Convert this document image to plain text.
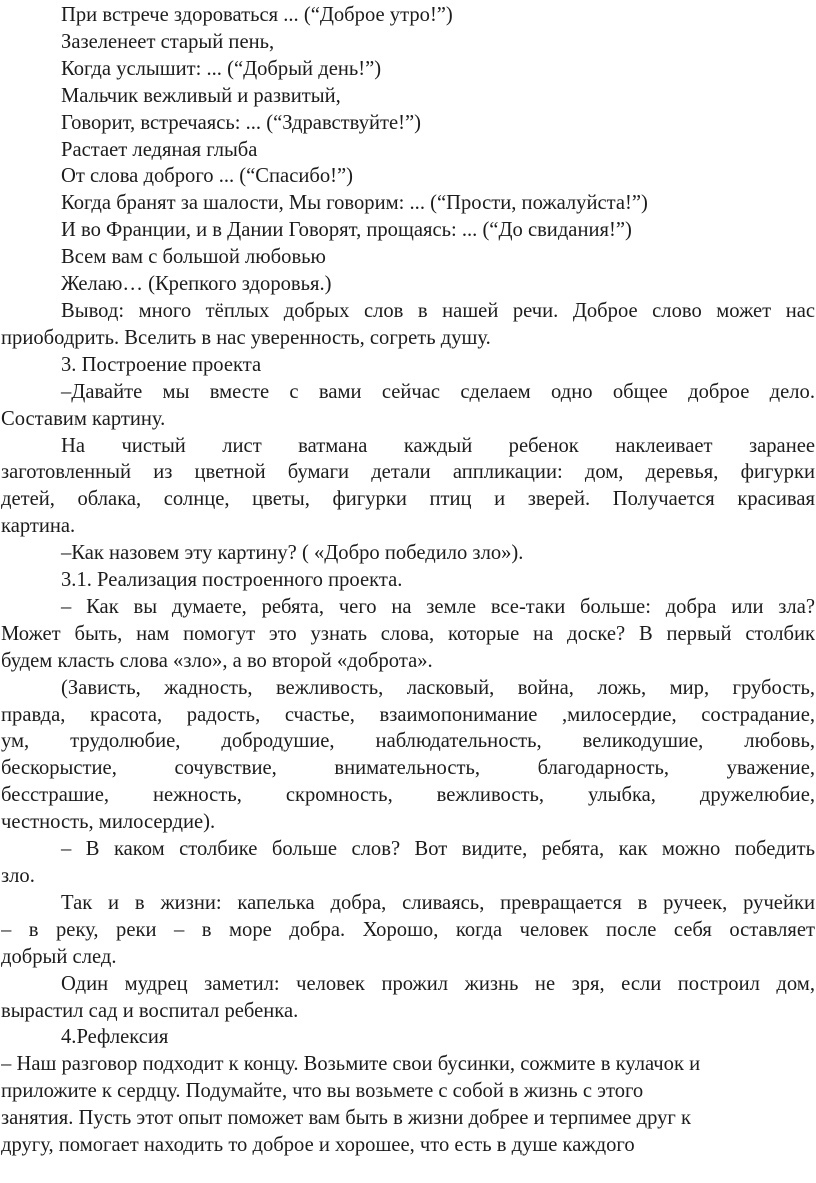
При встрече здороваться ... (“Доброе утро!”)

Зазеленеет старый пень,

Когда услышит: ... (“Добрый день!”)

Мальчик вежливый и развитый,

Говорит, встречаясь: ... (“Здравствуйте!”)

Растает ледяная глыба

От слова доброго ... (“Спасибо!”)

Когда бранят за шалости, Мы говорим: ... (“Прости, пожалуйста!”)

И во Франции, и в Дании Говорят, прощаясь: ... (“До свидания!”)

Всем вам с большой любовью

Желаю… (Крепкого здоровья.)

Вывод: много тёплых добрых слов в нашей речи. Доброе слово может нас

приободрить. Вселить в нас уверенность, согреть душу.

3. Построение проекта

–Давайте мы вместе с вами сейчас сделаем одно общее доброе дело.

Составим картину.

На чистый лист ватмана каждый ребенок наклеивает заранее

заготовленный из цветной бумаги детали аппликации: дом, деревья, фигурки

детей, облака, солнце, цветы, фигурки птиц и зверей. Получается красивая

картина.

–Как назовем эту картину? ( «Добро победило зло»).

3.1. Реализация построенного проекта.

– Как вы думаете, ребята, чего на земле все-таки больше: добра или зла?

Может быть, нам помогут это узнать слова, которые на доске? В первый столбик

будем класть слова «зло», а во второй «доброта».

(Зависть, жадность, вежливость, ласковый, война, ложь, мир, грубость,

правда, красота, радость, счастье, взаимопонимание ,милосердие, сострадание,

ум, трудолюбие, добродушие, наблюдательность, великодушие, любовь,

бескорыстие, сочувствие, внимательность, благодарность, уважение,

бесстрашие, нежность, скромность, вежливость, улыбка, дружелюбие,

честность, милосердие).

– В каком столбике больше слов? Вот видите, ребята, как можно победить

зло.

Так и в жизни: капелька добра, сливаясь, превращается в ручеек, ручейки

– в реку, реки – в море добра. Хорошо, когда человек после себя оставляет

добрый след.

Один мудрец заметил: человек прожил жизнь не зря, если построил дом,

вырастил сад и воспитал ребенка.

4.Рефлексия

– Наш разговор подходит к концу. Возьмите свои бусинки, сожмите в кулачок и

приложите к сердцу. Подумайте, что вы возьмете с собой в жизнь с этого

занятия. Пусть этот опыт поможет вам быть в жизни добрее и терпимее друг к

другу, помогает находить то доброе и хорошее, что есть в душе каждого
